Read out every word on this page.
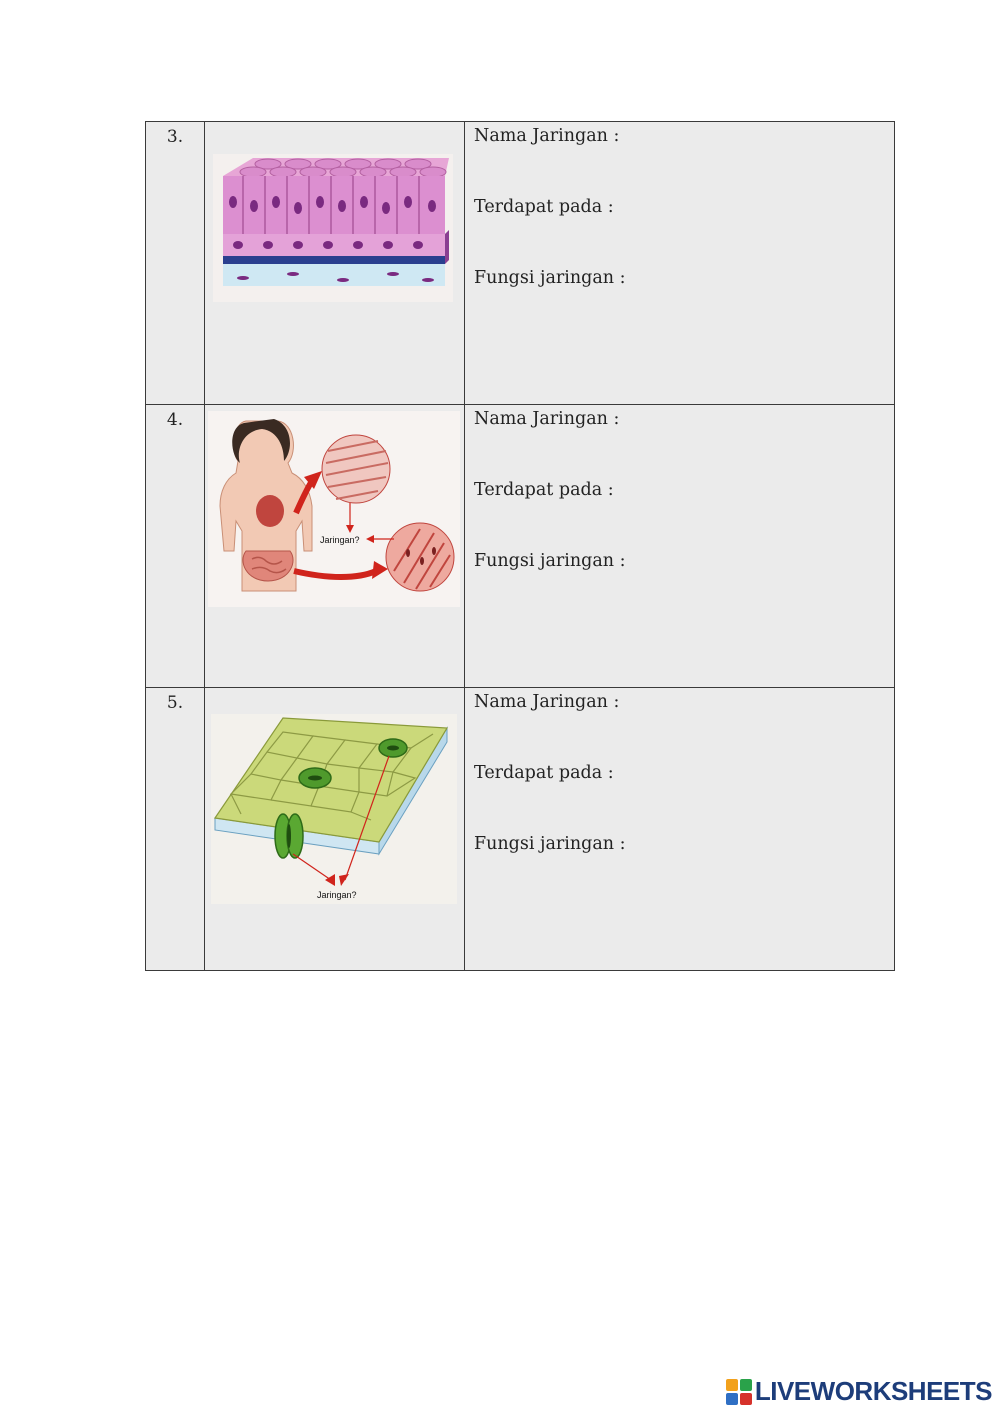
3.		Nama Jaringan :
Terdapat pada :
Fungsi jaringan :

4.	Jaringan?	Nama Jaringan :
Terdapat pada :
Fungsi jaringan :

5.	Jaringan?	Nama Jaringan :
Terdapat pada :
Fungsi jaringan :
LIVEWORKSHEETS
